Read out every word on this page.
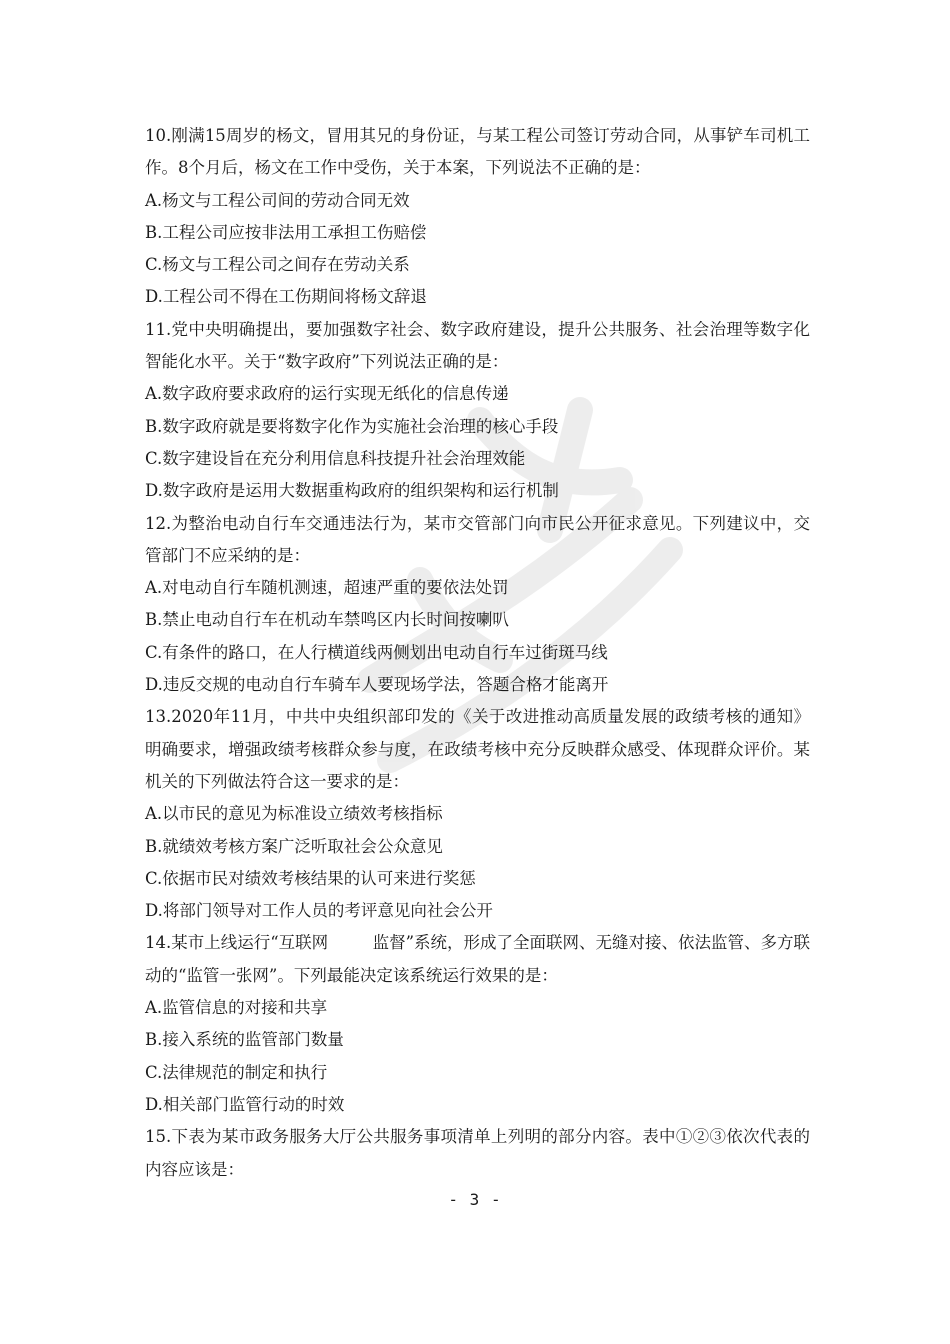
10.刚满15周岁的杨文，冒用其兄的身份证，与某工程公司签订劳动合同，从事铲车司机工
作。8个月后，杨文在工作中受伤，关于本案，下列说法不正确的是：
A.杨文与工程公司间的劳动合同无效
B.工程公司应按非法用工承担工伤赔偿
C.杨文与工程公司之间存在劳动关系
D.工程公司不得在工伤期间将杨文辞退
11.党中央明确提出，要加强数字社会、数字政府建设，提升公共服务、社会治理等数字化
智能化水平。关于“数字政府”下列说法正确的是：
A.数字政府要求政府的运行实现无纸化的信息传递
B.数字政府就是要将数字化作为实施社会治理的核心手段
C.数字建设旨在充分利用信息科技提升社会治理效能
D.数字政府是运用大数据重构政府的组织架构和运行机制
12.为整治电动自行车交通违法行为，某市交管部门向市民公开征求意见。下列建议中，交
管部门不应采纳的是：
A.对电动自行车随机测速，超速严重的要依法处罚
B.禁止电动自行车在机动车禁鸣区内长时间按喇叭
C.有条件的路口，在人行横道线两侧划出电动自行车过街斑马线
D.违反交规的电动自行车骑车人要现场学法，答题合格才能离开
13.2020年11月，中共中央组织部印发的《关于改进推动高质量发展的政绩考核的通知》
明确要求，增强政绩考核群众参与度，在政绩考核中充分反映群众感受、体现群众评价。某
机关的下列做法符合这一要求的是：
A.以市民的意见为标准设立绩效考核指标
B.就绩效考核方案广泛听取社会公众意见
C.依据市民对绩效考核结果的认可来进行奖惩
D.将部门领导对工作人员的考评意见向社会公开
14.某市上线运行“互联网	监督”系统，形成了全面联网、无缝对接、依法监管、多方联
动的“监管一张网”。下列最能决定该系统运行效果的是：
A.监管信息的对接和共享
B.接入系统的监管部门数量
C.法律规范的制定和执行
D.相关部门监管行动的时效
15.下表为某市政务服务大厅公共服务事项清单上列明的部分内容。表中①②③依次代表的
内容应该是：
- 3 -
